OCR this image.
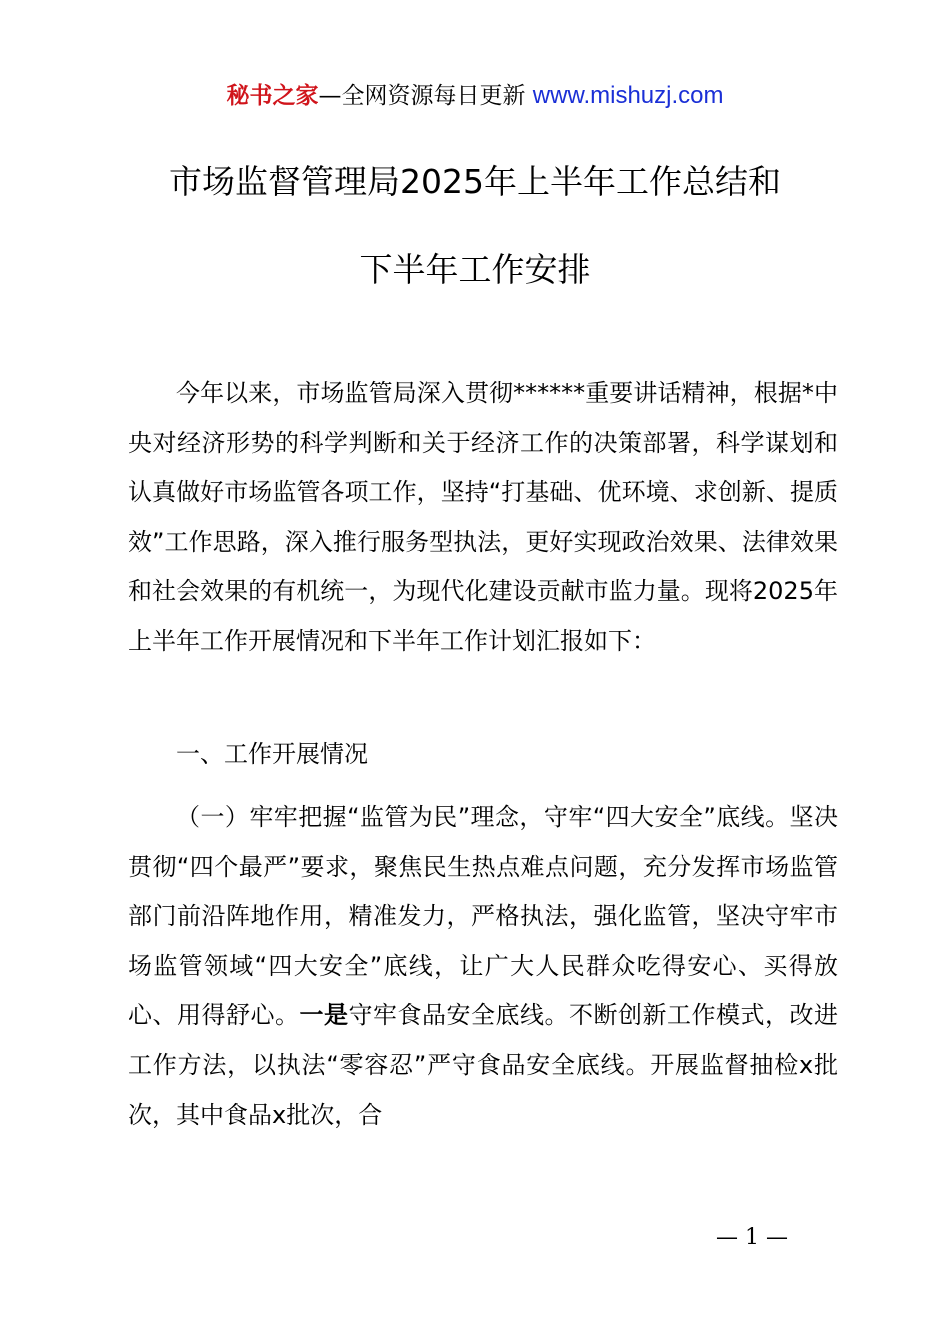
秘书之家—全网资源每日更新 www.mishuzj.com
市场监督管理局2025年上半年工作总结和
下半年工作安排

今年以来，市场监管局深入贯彻******重要讲话精神，根据*中央对经济形势的科学判断和关于经济工作的决策部署，科学谋划和认真做好市场监管各项工作，坚持“打基础、优环境、求创新、提质效”工作思路，深入推行服务型执法，更好实现政治效果、法律效果和社会效果的有机统一，为现代化建设贡献市监力量。现将2025年上半年工作开展情况和下半年工作计划汇报如下：

一、工作开展情况

（一）牢牢把握“监管为民”理念，守牢“四大安全”底线。坚决贯彻“四个最严”要求，聚焦民生热点难点问题，充分发挥市场监管部门前沿阵地作用，精准发力，严格执法，强化监管，坚决守牢市场监管领域“四大安全”底线，让广大人民群众吃得安心、买得放心、用得舒心。一是守牢食品安全底线。不断创新工作模式，改进工作方法，以执法“零容忍”严守食品安全底线。开展监督抽检x批次，其中食品x批次，合

— 1 —
